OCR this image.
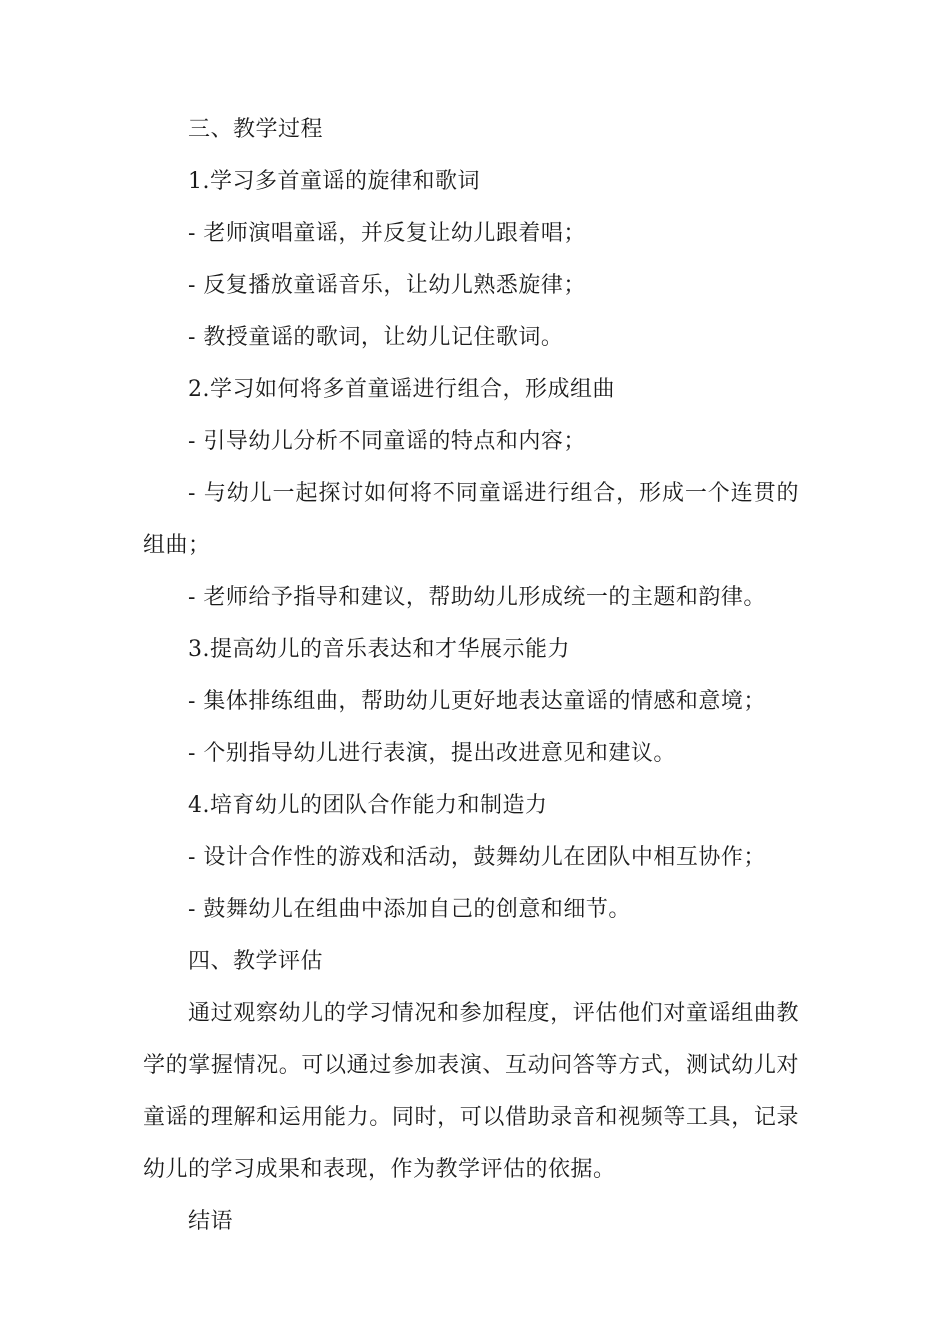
三、教学过程

1.学习多首童谣的旋律和歌词

- 老师演唱童谣，并反复让幼儿跟着唱；

- 反复播放童谣音乐，让幼儿熟悉旋律；

- 教授童谣的歌词，让幼儿记住歌词。

2.学习如何将多首童谣进行组合，形成组曲

- 引导幼儿分析不同童谣的特点和内容；

- 与幼儿一起探讨如何将不同童谣进行组合，形成一个连贯的组曲；

- 老师给予指导和建议，帮助幼儿形成统一的主题和韵律。

3.提高幼儿的音乐表达和才华展示能力

- 集体排练组曲，帮助幼儿更好地表达童谣的情感和意境；

- 个别指导幼儿进行表演，提出改进意见和建议。

4.培育幼儿的团队合作能力和制造力

- 设计合作性的游戏和活动，鼓舞幼儿在团队中相互协作；

- 鼓舞幼儿在组曲中添加自己的创意和细节。

四、教学评估

通过观察幼儿的学习情况和参加程度，评估他们对童谣组曲教学的掌握情况。可以通过参加表演、互动问答等方式，测试幼儿对童谣的理解和运用能力。同时，可以借助录音和视频等工具，记录幼儿的学习成果和表现，作为教学评估的依据。

结语
